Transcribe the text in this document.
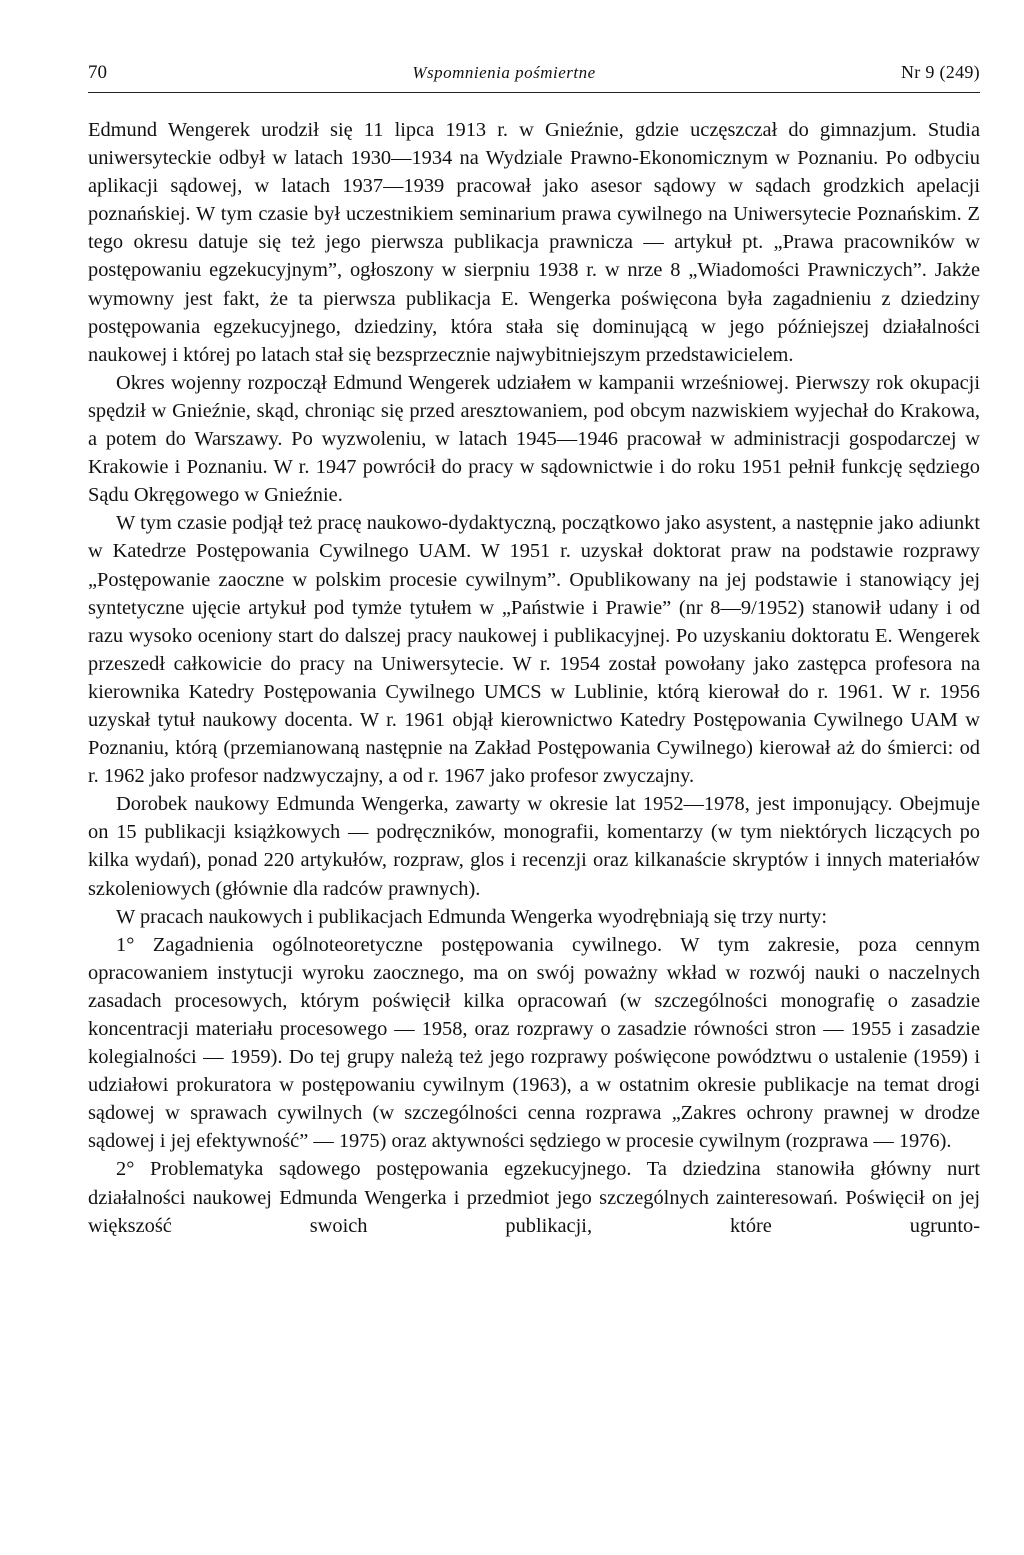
70	Wspomnienia pośmiertne	Nr 9 (249)

Edmund Wengerek urodził się 11 lipca 1913 r. w Gnieźnie, gdzie uczęszczał do gimnazjum. Studia uniwersyteckie odbył w latach 1930—1934 na Wydziale Prawno-Ekonomicznym w Poznaniu. Po odbyciu aplikacji sądowej, w latach 1937—1939 pracował jako asesor sądowy w sądach grodzkich apelacji poznańskiej. W tym czasie był uczestnikiem seminarium prawa cywilnego na Uniwersytecie Poznańskim. Z tego okresu datuje się też jego pierwsza publikacja prawnicza — artykuł pt. „Prawa pracowników w postępowaniu egzekucyjnym”, ogłoszony w sierpniu 1938 r. w nrze 8 „Wiadomości Prawniczych”. Jakże wymowny jest fakt, że ta pierwsza publikacja E. Wengerka poświęcona była zagadnieniu z dziedziny postępowania egzekucyjnego, dziedziny, która stała się dominującą w jego późniejszej działalności naukowej i której po latach stał się bezsprzecznie najwybitniejszym przedstawicielem.

Okres wojenny rozpoczął Edmund Wengerek udziałem w kampanii wrześniowej. Pierwszy rok okupacji spędził w Gnieźnie, skąd, chroniąc się przed aresztowaniem, pod obcym nazwiskiem wyjechał do Krakowa, a potem do Warszawy. Po wyzwoleniu, w latach 1945—1946 pracował w administracji gospodarczej w Krakowie i Poznaniu. W r. 1947 powrócił do pracy w sądownictwie i do roku 1951 pełnił funkcję sędziego Sądu Okręgowego w Gnieźnie.

W tym czasie podjął też pracę naukowo-dydaktyczną, początkowo jako asystent, a następnie jako adiunkt w Katedrze Postępowania Cywilnego UAM. W 1951 r. uzyskał doktorat praw na podstawie rozprawy „Postępowanie zaoczne w polskim procesie cywilnym”. Opublikowany na jej podstawie i stanowiący jej syntetyczne ujęcie artykuł pod tymże tytułem w „Państwie i Prawie” (nr 8—9/1952) stanowił udany i od razu wysoko oceniony start do dalszej pracy naukowej i publikacyjnej. Po uzyskaniu doktoratu E. Wengerek przeszedł całkowicie do pracy na Uniwersytecie. W r. 1954 został powołany jako zastępca profesora na kierownika Katedry Postępowania Cywilnego UMCS w Lublinie, którą kierował do r. 1961. W r. 1956 uzyskał tytuł naukowy docenta. W r. 1961 objął kierownictwo Katedry Postępowania Cywilnego UAM w Poznaniu, którą (przemianowaną następnie na Zakład Postępowania Cywilnego) kierował aż do śmierci: od r. 1962 jako profesor nadzwyczajny, a od r. 1967 jako profesor zwyczajny.

Dorobek naukowy Edmunda Wengerka, zawarty w okresie lat 1952—1978, jest imponujący. Obejmuje on 15 publikacji książkowych — podręczników, monografii, komentarzy (w tym niektórych liczących po kilka wydań), ponad 220 artykułów, rozpraw, glos i recenzji oraz kilkanaście skryptów i innych materiałów szkoleniowych (głównie dla radców prawnych).

W pracach naukowych i publikacjach Edmunda Wengerka wyodrębniają się trzy nurty:

1° Zagadnienia ogólnoteoretyczne postępowania cywilnego. W tym zakresie, poza cennym opracowaniem instytucji wyroku zaocznego, ma on swój poważny wkład w rozwój nauki o naczelnych zasadach procesowych, którym poświęcił kilka opracowań (w szczególności monografię o zasadzie koncentracji materiału procesowego — 1958, oraz rozprawy o zasadzie równości stron — 1955 i zasadzie kolegialności — 1959). Do tej grupy należą też jego rozprawy poświęcone powództwu o ustalenie (1959) i udziałowi prokuratora w postępowaniu cywilnym (1963), a w ostatnim okresie publikacje na temat drogi sądowej w sprawach cywilnych (w szczególności cenna rozprawa „Zakres ochrony prawnej w drodze sądowej i jej efektywność” — 1975) oraz aktywności sędziego w procesie cywilnym (rozprawa — 1976).

2° Problematyka sądowego postępowania egzekucyjnego. Ta dziedzina stanowiła główny nurt działalności naukowej Edmunda Wengerka i przedmiot jego szczególnych zainteresowań. Poświęcił on jej większość swoich publikacji, które ugrunto-
